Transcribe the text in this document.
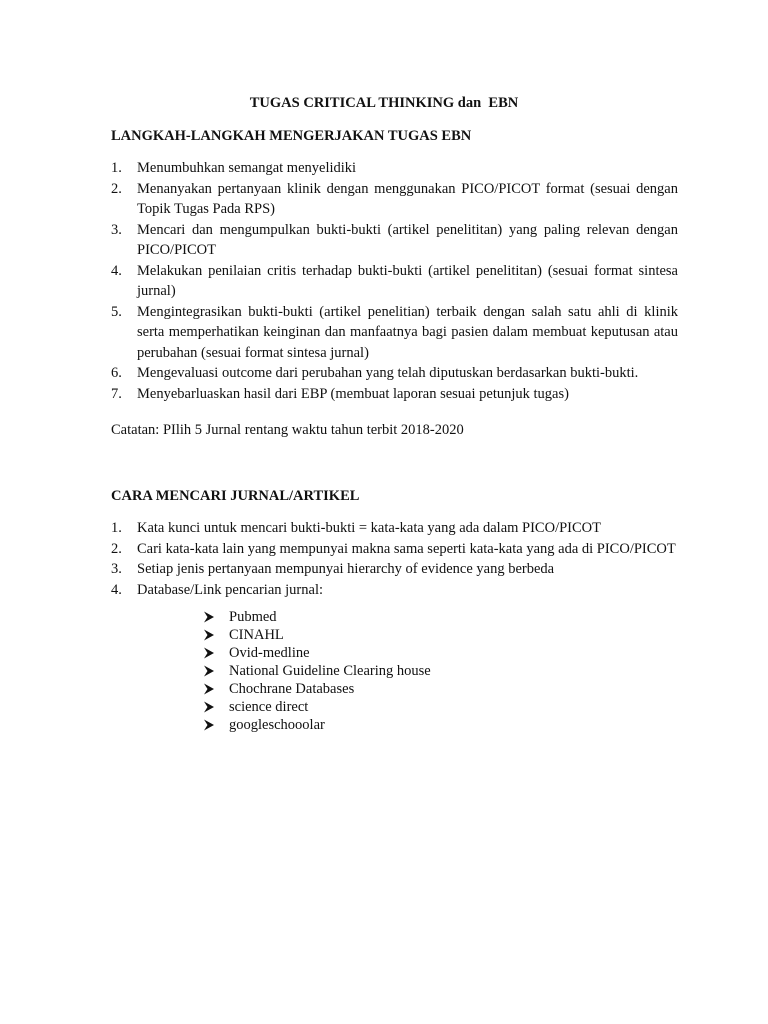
TUGAS CRITICAL THINKING dan  EBN
LANGKAH-LANGKAH MENGERJAKAN TUGAS EBN
1. Menumbuhkan semangat menyelidiki
2. Menanyakan pertanyaan klinik dengan menggunakan PICO/PICOT format (sesuai dengan Topik Tugas Pada RPS)
3. Mencari dan mengumpulkan bukti-bukti (artikel penelititan) yang paling relevan dengan PICO/PICOT
4. Melakukan penilaian critis terhadap bukti-bukti (artikel penelititan) (sesuai format sintesa jurnal)
5. Mengintegrasikan bukti-bukti (artikel penelitian) terbaik dengan salah satu ahli di klinik serta memperhatikan keinginan dan manfaatnya bagi pasien dalam membuat keputusan atau perubahan (sesuai format sintesa jurnal)
6. Mengevaluasi outcome dari perubahan yang telah diputuskan berdasarkan bukti-bukti.
7. Menyebarluaskan hasil dari EBP (membuat laporan sesuai petunjuk tugas)
Catatan: PIlih 5 Jurnal rentang waktu tahun terbit 2018-2020
CARA MENCARI JURNAL/ARTIKEL
1. Kata kunci untuk mencari bukti-bukti = kata-kata yang ada dalam PICO/PICOT
2. Cari kata-kata lain yang mempunyai makna sama seperti kata-kata yang ada di PICO/PICOT
3. Setiap jenis pertanyaan mempunyai hierarchy of evidence yang berbeda
4. Database/Link pencarian jurnal:
Pubmed
CINAHL
Ovid-medline
National Guideline Clearing house
Chochrane Databases
science direct
googleschooolar
